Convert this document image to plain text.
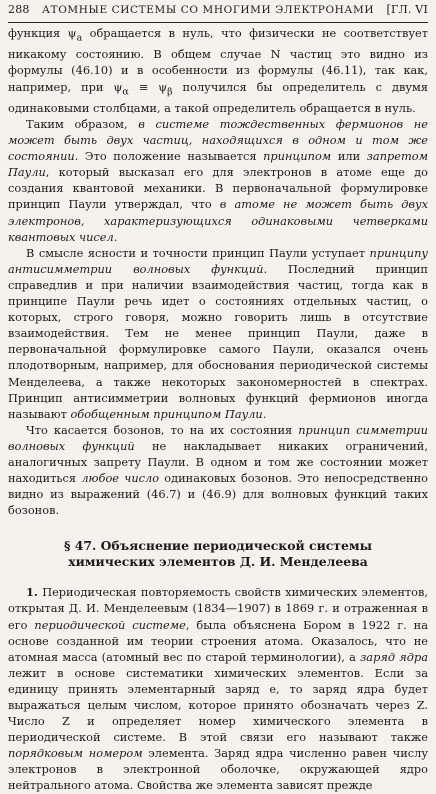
288 АТОМНЫЕ СИСТЕМЫ СО МНОГИМИ ЭЛЕКТРОНАМИ [ГЛ. VI

функция $\psi_a$ обращается в нуль, что физически не соответствует никакому состоянию. В общем случае N частиц это видно из формулы (46.10) и в особенности из формулы (46.11), так как, например, при $\psi_\alpha \equiv \psi_\beta$ получился бы определитель с двумя одинаковыми столбцами, а такой определитель обращается в нуль.

Таким образом, в системе тождественных фермионов не может быть двух частиц, находящихся в одном и том же состоянии. Это положение называется принципом или запретом Паули, который высказал его для электронов в атоме еще до создания квантовой механики. В первоначальной формулировке принцип Паули утверждал, что в атоме не может быть двух электронов, характеризующихся одинаковыми четверками квантовых чисел.

В смысле ясности и точности принцип Паули уступает принципу антисимметрии волновых функций. Последний принцип справедлив и при наличии взаимодействия частиц, тогда как в принципе Паули речь идет о состояниях отдельных частиц, о которых, строго говоря, можно говорить лишь в отсутствие взаимодействия. Тем не менее принцип Паули, даже в первоначальной формулировке самого Паули, оказался очень плодотворным, например, для обоснования периодической системы Менделеева, а также некоторых закономерностей в спектрах. Принцип антисимметрии волновых функций фермионов иногда называют обобщенным принципом Паули.

Что касается бозонов, то на их состояния принцип симметрии волновых функций не накладывает никаких ограничений, аналогичных запрету Паули. В одном и том же состоянии может находиться любое число одинаковых бозонов. Это непосредственно видно из выражений (46.7) и (46.9) для волновых функций таких бозонов.

§ 47. Объяснение периодической системы
химических элементов Д. И. Менделеева

1. Периодическая повторяемость свойств химических элементов, открытая Д. И. Менделеевым (1834—1907) в 1869 г. и отраженная в его периодической системе, была объяснена Бором в 1922 г. на основе созданной им теории строения атома. Оказалось, что не атомная масса (атомный вес по старой терминологии), а заряд ядра лежит в основе систематики химических элементов. Если за единицу принять элементарный заряд e, то заряд ядра будет выражаться целым числом, которое принято обозначать через Z. Число Z и определяет номер химического элемента в периодической системе. В этой связи его называют также порядковым номером элемента. Заряд ядра численно равен числу электронов в электронной оболочке, окружающей ядро нейтрального атома. Свойства же элемента зависят прежде
